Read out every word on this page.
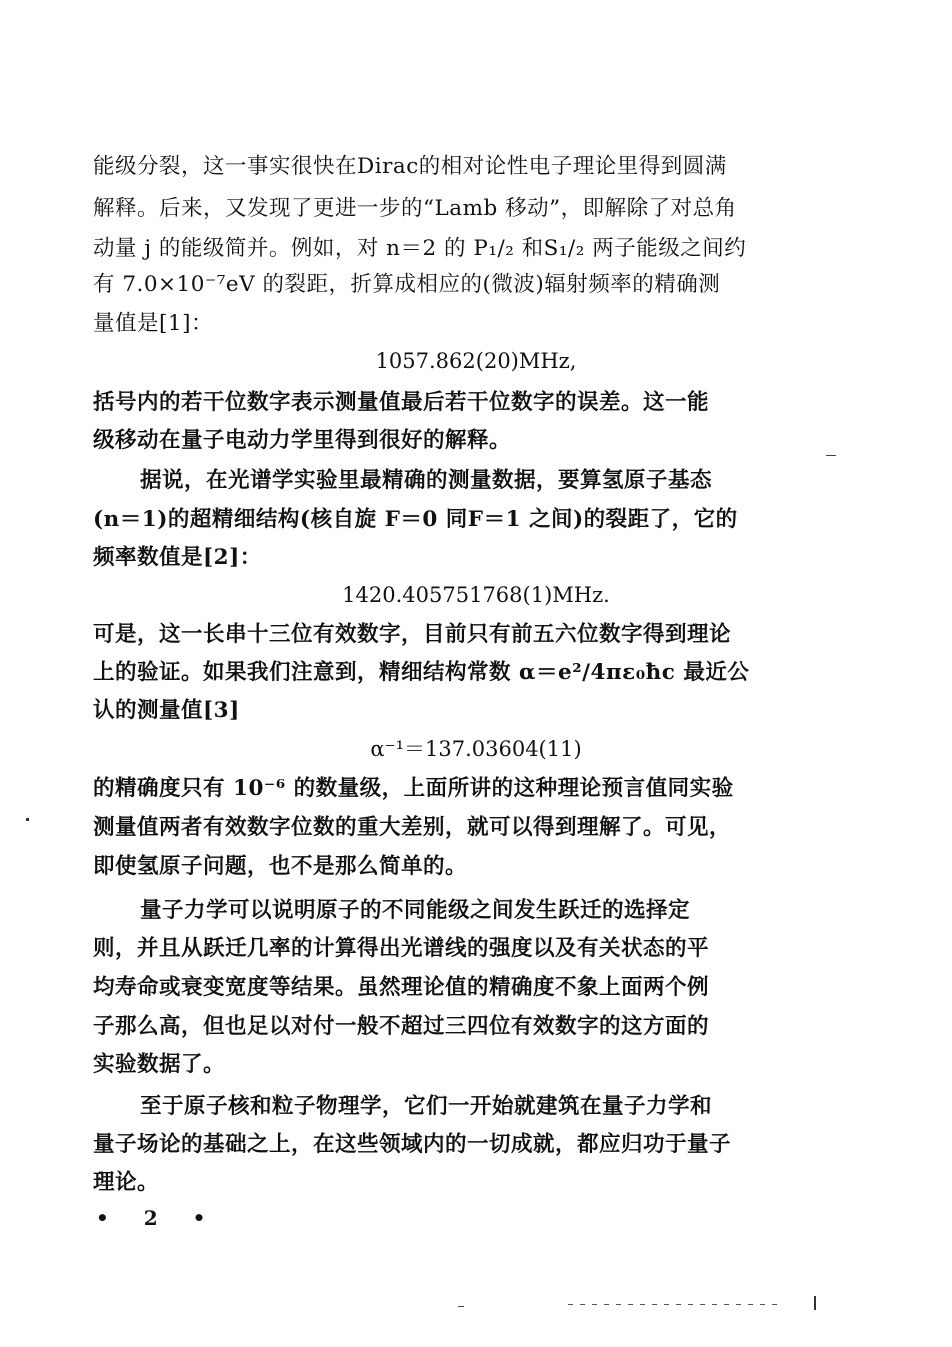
能级分裂，这一事实很快在Dirac的相对论性电子理论里得到圆满
解释。后来，又发现了更进一步的“Lamb 移动”，即解除了对总角
动量 j 的能级简并。例如，对 n＝2 的 P₁/₂ 和S₁/₂ 两子能级之间约
有 7.0×10⁻⁷eV 的裂距，折算成相应的(微波)辐射频率的精确测
量值是[1]：
1057.862(20)MHz,
括号内的若干位数字表示测量值最后若干位数字的误差。这一能
级移动在量子电动力学里得到很好的解释。
据说，在光谱学实验里最精确的测量数据，要算氢原子基态
(n＝1)的超精细结构(核自旋 F＝0 同F＝1 之间)的裂距了，它的
频率数值是[2]：
1420.405751768(1)MHz.
可是，这一长串十三位有效数字，目前只有前五六位数字得到理论
上的验证。如果我们注意到，精细结构常数 α＝e²/4πε₀ħc 最近公
认的测量值[3]
α⁻¹＝137.03604(11)
的精确度只有 10⁻⁶ 的数量级，上面所讲的这种理论预言值同实验
测量值两者有效数字位数的重大差别，就可以得到理解了。可见，
即使氢原子问题，也不是那么简单的。
量子力学可以说明原子的不同能级之间发生跃迁的选择定
则，并且从跃迁几率的计算得出光谱线的强度以及有关状态的平
均寿命或衰变宽度等结果。虽然理论值的精确度不象上面两个例
子那么高，但也足以对付一般不超过三四位有效数字的这方面的
实验数据了。
至于原子核和粒子物理学，它们一开始就建筑在量子力学和
量子场论的基础之上，在这些领域内的一切成就，都应归功于量子
理论。
• 2 •
